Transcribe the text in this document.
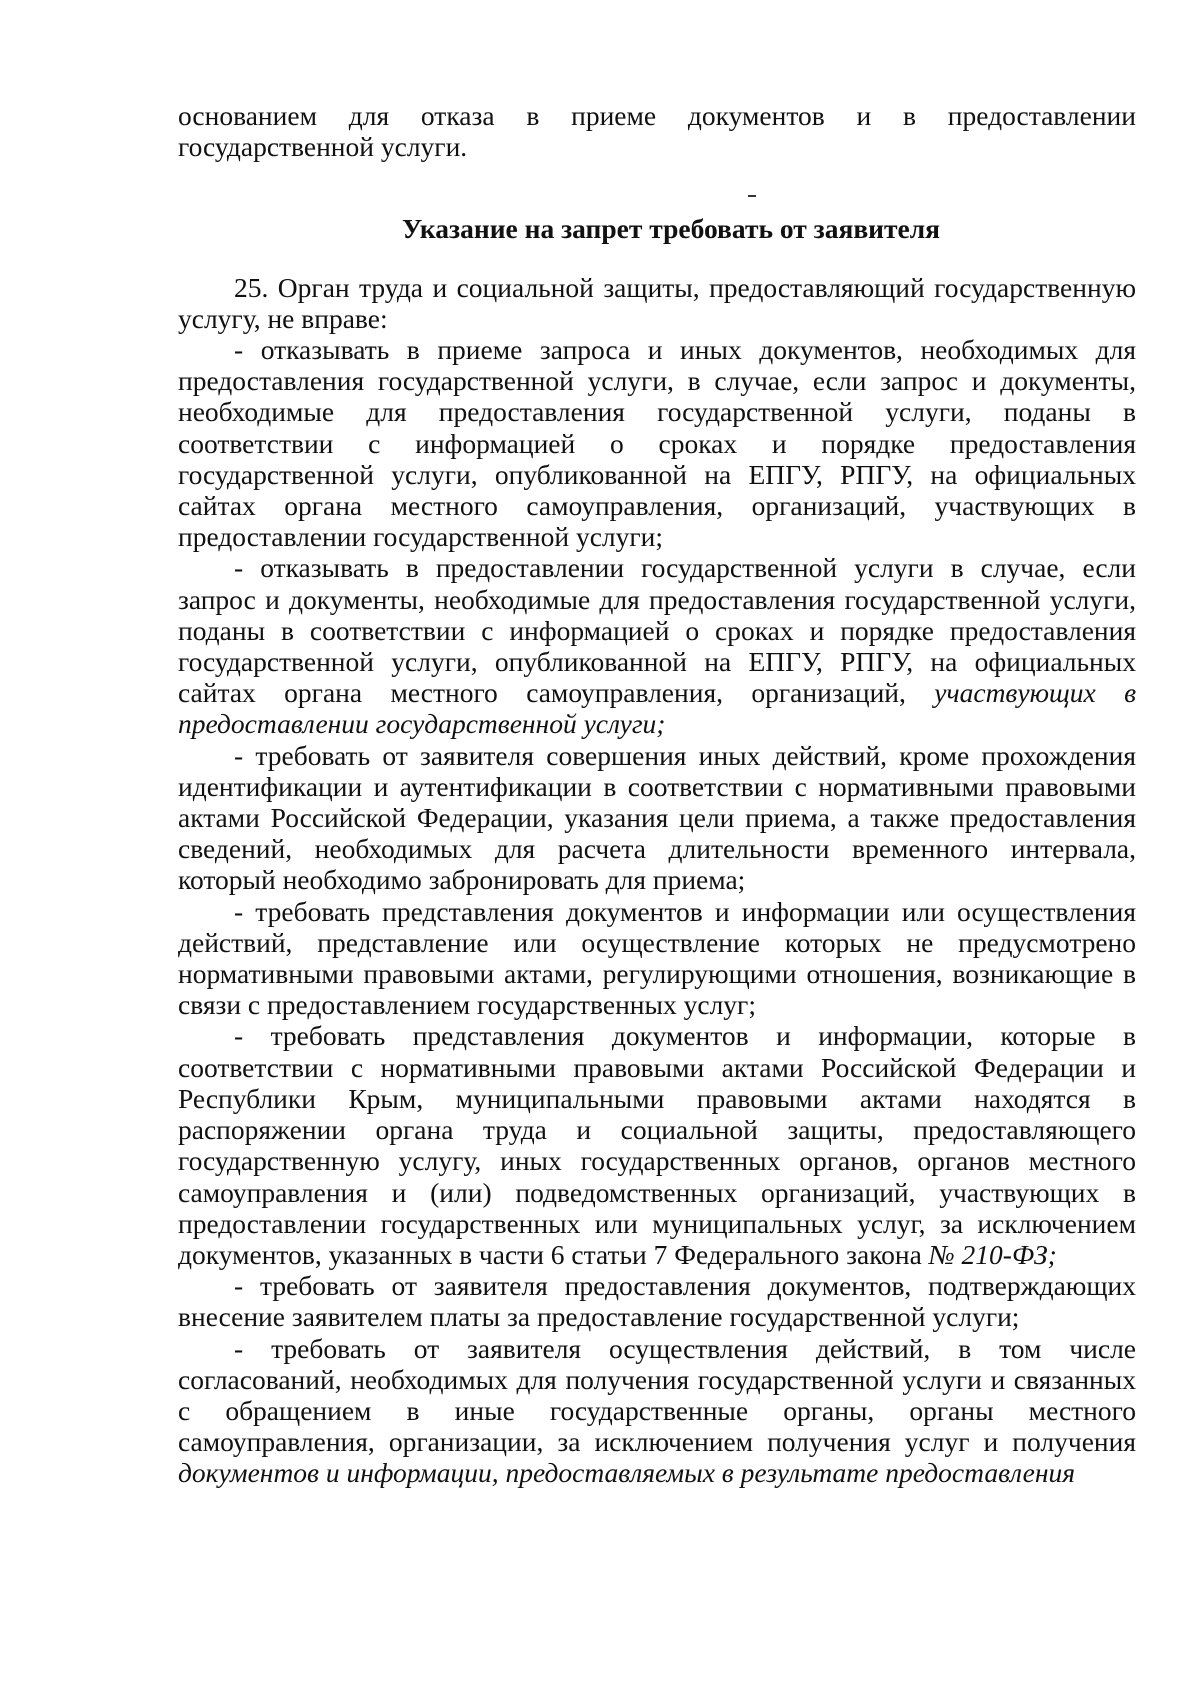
основанием для отказа в приеме документов и в предоставлении государственной услуги.

Указание на запрет требовать от заявителя

25. Орган труда и социальной защиты, предоставляющий государственную услугу, не вправе:

- отказывать в приеме запроса и иных документов, необходимых для предоставления государственной услуги, в случае, если запрос и документы, необходимые для предоставления государственной услуги, поданы в соответствии с информацией о сроках и порядке предоставления государственной услуги, опубликованной на ЕПГУ, РПГУ, на официальных сайтах органа местного самоуправления, организаций, участвующих в предоставлении государственной услуги;

- отказывать в предоставлении государственной услуги в случае, если запрос и документы, необходимые для предоставления государственной услуги, поданы в соответствии с информацией о сроках и порядке предоставления государственной услуги, опубликованной на ЕПГУ, РПГУ, на официальных сайтах органа местного самоуправления, организаций, участвующих в предоставлении государственной услуги;

- требовать от заявителя совершения иных действий, кроме прохождения идентификации и аутентификации в соответствии с нормативными правовыми актами Российской Федерации, указания цели приема, а также предоставления сведений, необходимых для расчета длительности временного интервала, который необходимо забронировать для приема;

- требовать представления документов и информации или осуществления действий, представление или осуществление которых не предусмотрено нормативными правовыми актами, регулирующими отношения, возникающие в связи с предоставлением государственных услуг;

- требовать представления документов и информации, которые в соответствии с нормативными правовыми актами Российской Федерации и Республики Крым, муниципальными правовыми актами находятся в распоряжении органа труда и социальной защиты, предоставляющего государственную услугу, иных государственных органов, органов местного самоуправления и (или) подведомственных организаций, участвующих в предоставлении государственных или муниципальных услуг, за исключением документов, указанных в части 6 статьи 7 Федерального закона № 210-ФЗ;

- требовать от заявителя предоставления документов, подтверждающих внесение заявителем платы за предоставление государственной услуги;

- требовать от заявителя осуществления действий, в том числе согласований, необходимых для получения государственной услуги и связанных с обращением в иные государственные органы, органы местного самоуправления, организации, за исключением получения услуг и получения документов и информации, предоставляемых в результате предоставления
